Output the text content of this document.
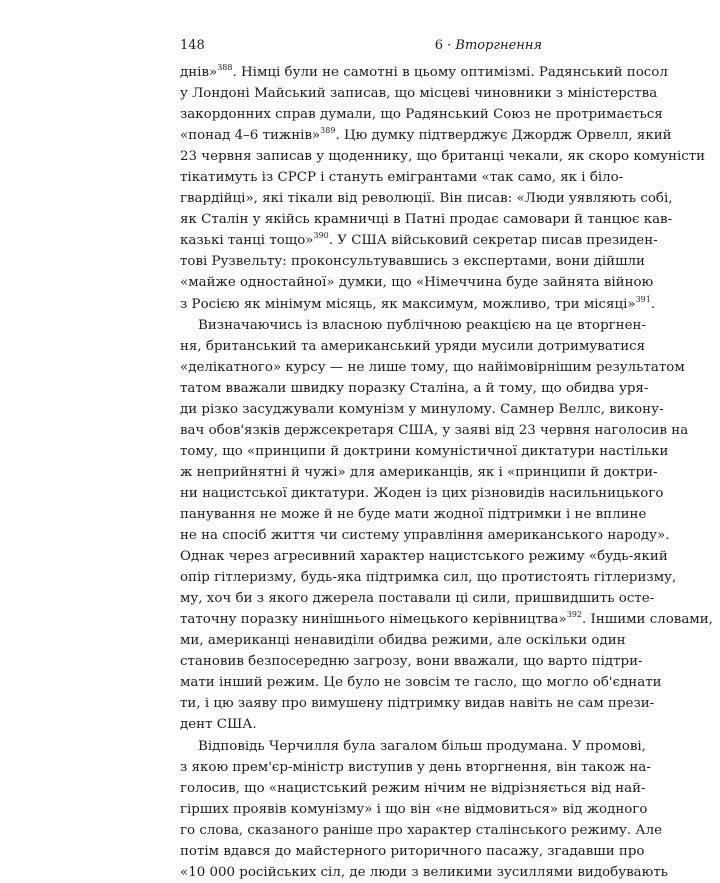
148	6 · Вторгнення
днів»$^{388}$. Німці були не самотні в цьому оптимізмі. Радянський посол
у Лондоні Майський записав, що місцеві чиновники з міністерства
закордонних справ думали, що Радянський Союз не протримається
«понад 4–6 тижнів»$^{389}$. Цю думку підтверджує Джордж Орвелл, який
23 червня записав у щоденнику, що британці чекали, як скоро комуністи
тікатимуть із СРСР і стануть емігрантами «так само, як і біло-
гвардійці», які тікали від революції. Він писав: «Люди уявляють собі,
як Сталін у якійсь крамничці в Патні продає самовари й танцює кав-
казькі танці тощо»$^{390}$. У США військовий секретар писав президен-
тові Рузвельту: проконсультувавшись з експертами, вони дійшли
«майже одностайної» думки, що «Німеччина буде зайнята війною
з Росією як мінімум місяць, як максимум, можливо, три місяці»$^{391}$.
Визначаючись із власною публічною реакцією на це вторгнен-
ня, британський та американський уряди мусили дотримуватися
«делікатного» курсу — не лише тому, що найімовірнішим результатом
татом вважали швидку поразку Сталіна, а й тому, що обидва уря-
ди різко засуджували комунізм у минулому. Самнер Веллс, викону-
вач обов'язків держсекретаря США, у заяві від 23 червня наголосив на
тому, що «принципи й доктрини комуністичної диктатури настільки
ж неприйнятні й чужі» для американців, як і «принципи й доктри-
ни нацистської диктатури. Жоден із цих різновидів насильницького
панування не може й не буде мати жодної підтримки і не вплине
не на спосіб життя чи систему управління американського народу».
Однак через агресивний характер нацистського режиму «будь-який
опір гітлеризму, будь-яка підтримка сил, що протистоять гітлеризму,
му, хоч би з якого джерела поставали ці сили, пришвидшить осте-
таточну поразку нинішнього німецького керівництва»$^{392}$. Іншими словами,
ми, американці ненавиділи обидва режими, але оскільки один
становив безпосередню загрозу, вони вважали, що варто підтри-
мати інший режим. Це було не зовсім те гасло, що могло об'єднати
ти, і цю заяву про вимушену підтримку видав навіть не сам прези-
дент США.
Відповідь Черчилля була загалом більш продумана. У промові,
з якою прем'єр-міністр виступив у день вторгнення, він також на-
голосив, що «нацистський режим нічим не відрізняється від най-
гірших проявів комунізму» і що він «не відмовиться» від жодного
го слова, сказаного раніше про характер сталінського режиму. Але
потім вдався до майстерного риторичного пасажу, згадавши про
«10 000 російських сіл, де люди з великими зусиллями видобувають
